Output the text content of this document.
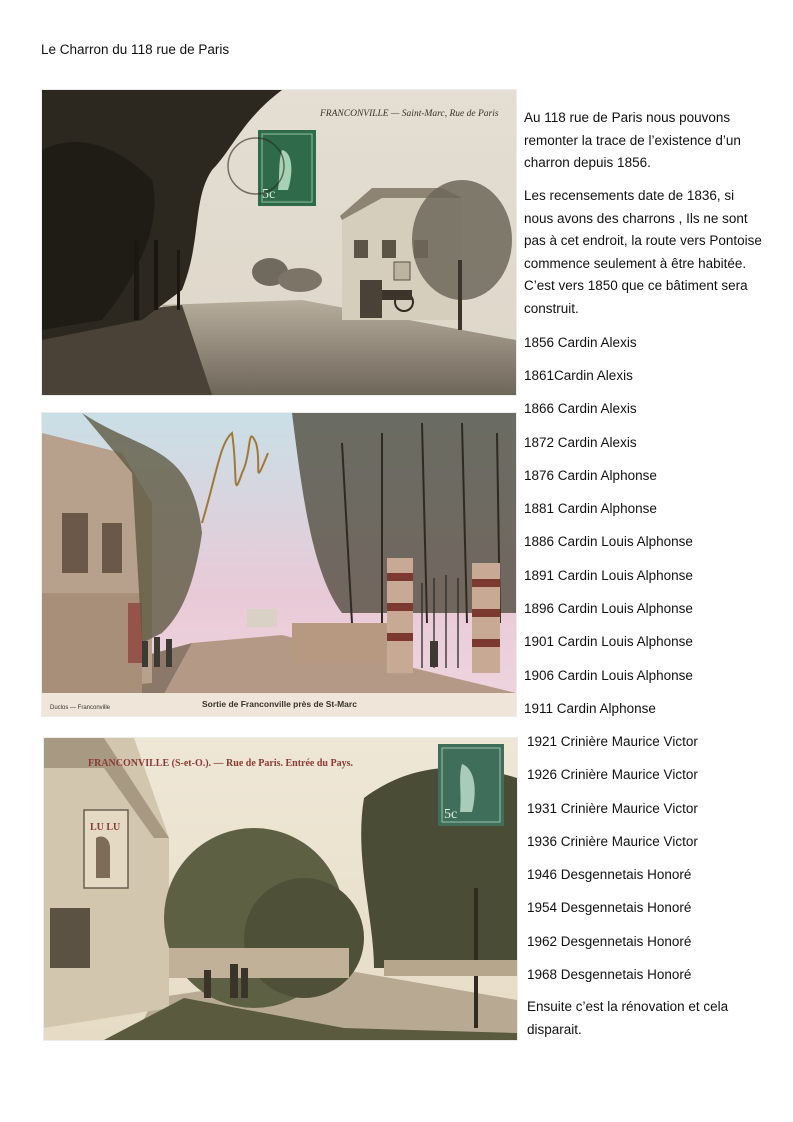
Le Charron du 118 rue de Paris
5c
FRANCONVILLE — Saint-Marc, Rue de Paris
Sortie de Franconville près de St-Marc
Duclos — Franconville
LU LU
5c
FRANCONVILLE (S-et-O.). — Rue de Paris. Entrée du Pays.

Au 118 rue de Paris nous pouvons remonter la trace de l’existence d’un charron depuis 1856.

Les recensements date de 1836, si nous avons des charrons , Ils ne sont pas à cet endroit, la route vers Pontoise commence seulement à être habitée. C’est vers 1850 que ce bâtiment sera construit.

1856 Cardin Alexis
1861Cardin Alexis
1866 Cardin Alexis
1872 Cardin Alexis
1876 Cardin Alphonse
1881 Cardin Alphonse
1886 Cardin Louis Alphonse
1891 Cardin Louis Alphonse
1896 Cardin Louis Alphonse
1901 Cardin Louis Alphonse
1906 Cardin Louis Alphonse
1911 Cardin Alphonse
1921 Crinière Maurice Victor
1926 Crinière Maurice Victor
1931 Crinière Maurice Victor
1936 Crinière Maurice Victor
1946 Desgennetais Honoré
1954 Desgennetais Honoré
1962 Desgennetais Honoré
1968 Desgennetais Honoré
Ensuite c’est la rénovation et cela disparait.
